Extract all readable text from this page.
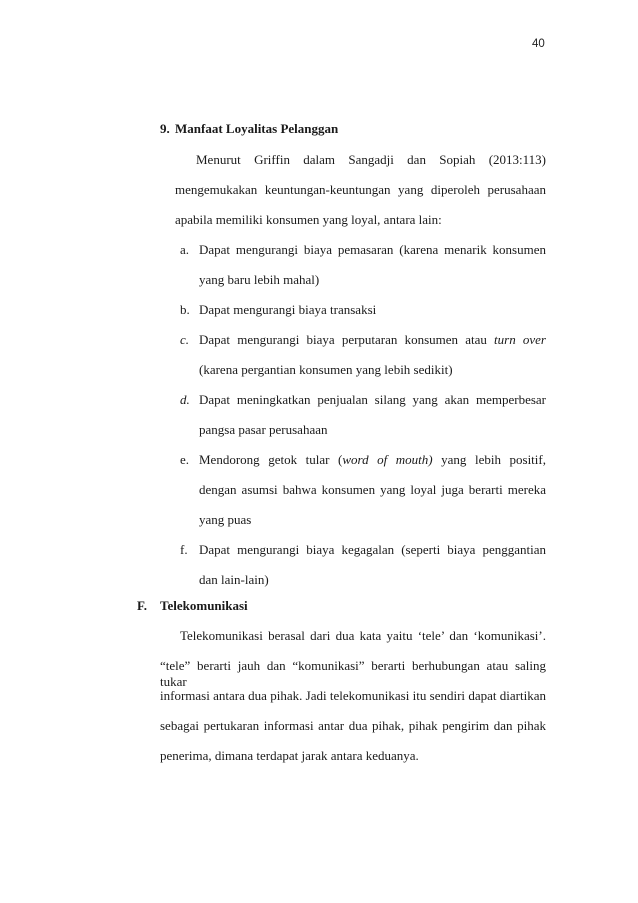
40
9. Manfaat Loyalitas Pelanggan
Menurut Griffin dalam Sangadji dan Sopiah (2013:113)
mengemukakan keuntungan-keuntungan yang diperoleh perusahaan
apabila memiliki konsumen yang loyal, antara lain:
a. Dapat mengurangi biaya pemasaran (karena menarik konsumen
yang baru lebih mahal)
b. Dapat mengurangi biaya transaksi
c. Dapat mengurangi biaya perputaran konsumen atau turn over
(karena pergantian konsumen yang lebih sedikit)
d. Dapat meningkatkan penjualan silang yang akan memperbesar
pangsa pasar perusahaan
e. Mendorong getok tular (word of mouth) yang lebih positif,
dengan asumsi bahwa konsumen yang loyal juga berarti mereka
yang puas
f. Dapat mengurangi biaya kegagalan (seperti biaya penggantian
dan lain-lain)
F. Telekomunikasi
Telekomunikasi berasal dari dua kata yaitu ‘tele’ dan ‘komunikasi’.
“tele” berarti jauh dan “komunikasi” berarti berhubungan atau saling tukar
informasi antara dua pihak. Jadi telekomunikasi itu sendiri dapat diartikan
sebagai pertukaran informasi antar dua pihak, pihak pengirim dan pihak
penerima, dimana terdapat jarak antara keduanya.
